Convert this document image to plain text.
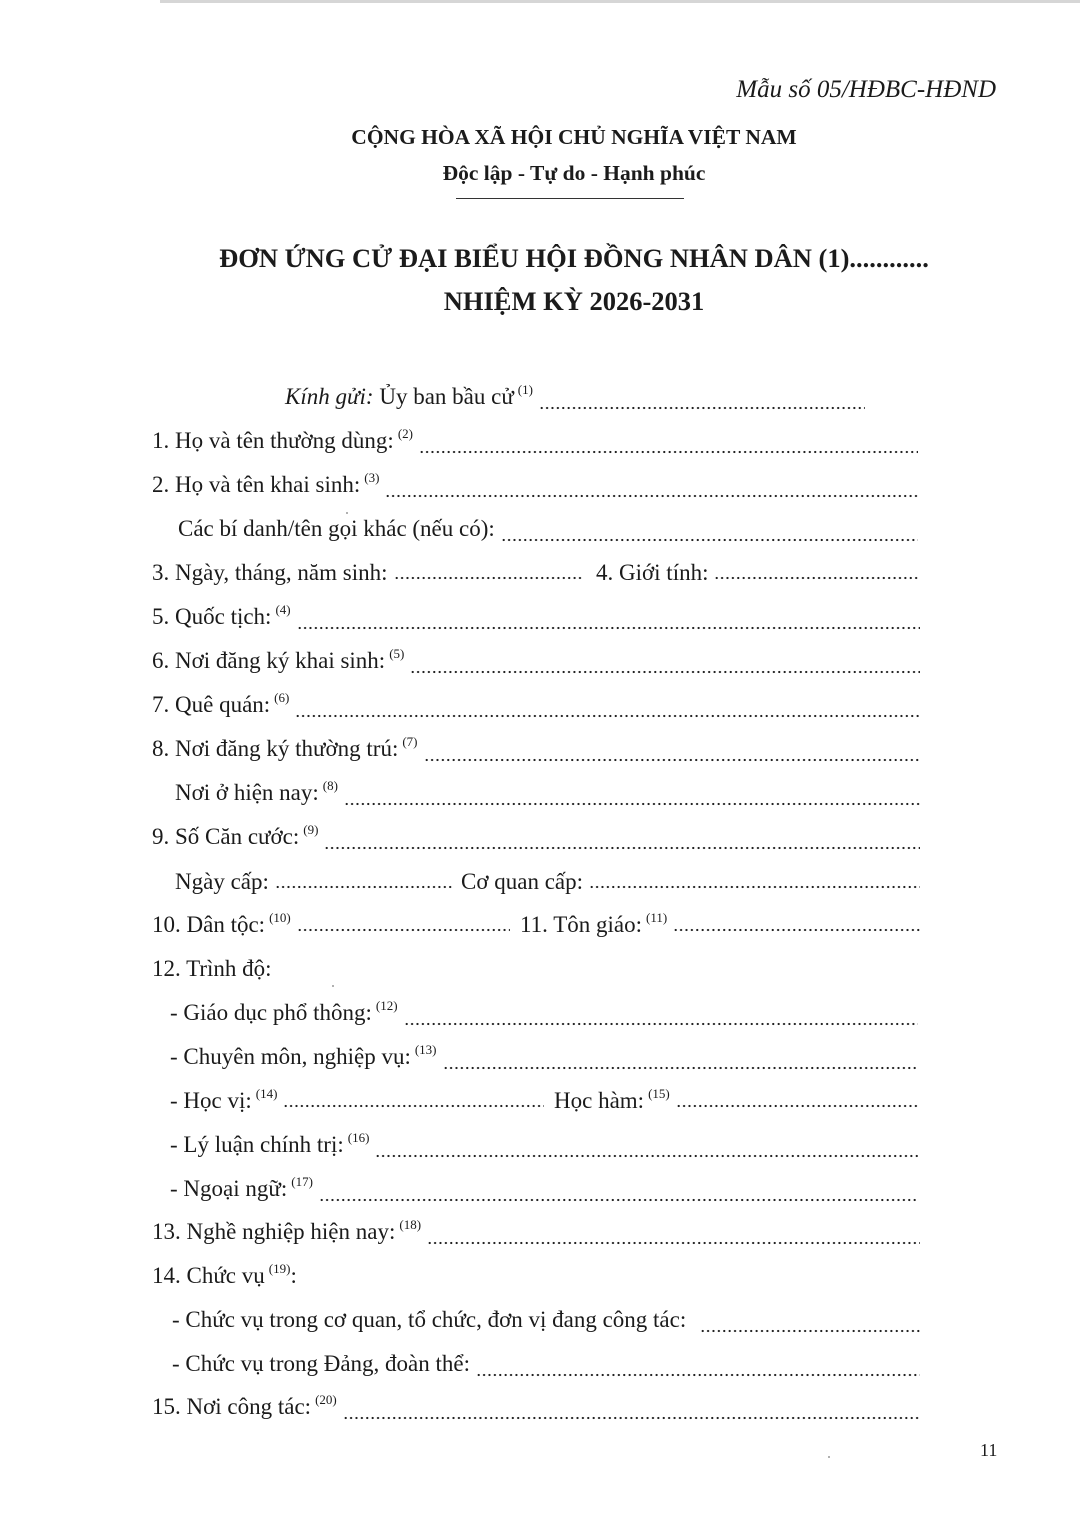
Mẫu số 05/HĐBC-HĐND
CỘNG HÒA XÃ HỘI CHỦ NGHĨA VIỆT NAM
Độc lập - Tự do - Hạnh phúc
ĐƠN ỨNG CỬ ĐẠI BIỂU HỘI ĐỒNG NHÂN DÂN (1)............
NHIỆM KỲ 2026-2031
Kính gửi: Ủy ban bầu cử (1)
1. Họ và tên thường dùng: (2)
2. Họ và tên khai sinh: (3)
Các bí danh/tên gọi khác (nếu có):
3. Ngày, tháng, năm sinh:	4. Giới tính:
5. Quốc tịch: (4)
6. Nơi đăng ký khai sinh: (5)
7. Quê quán: (6)
8. Nơi đăng ký thường trú: (7)
Nơi ở hiện nay: (8)
9. Số Căn cước: (9)
Ngày cấp:	Cơ quan cấp:
10. Dân tộc: (10)	11. Tôn giáo: (11)
12. Trình độ:
- Giáo dục phổ thông: (12)
- Chuyên môn, nghiệp vụ: (13)
- Học vị: (14)	Học hàm: (15)
- Lý luận chính trị: (16)
- Ngoại ngữ: (17)
13. Nghề nghiệp hiện nay: (18)
14. Chức vụ (19) :
- Chức vụ trong cơ quan, tổ chức, đơn vị đang công tác:
- Chức vụ trong Đảng, đoàn thể:
15. Nơi công tác: (20)
11
